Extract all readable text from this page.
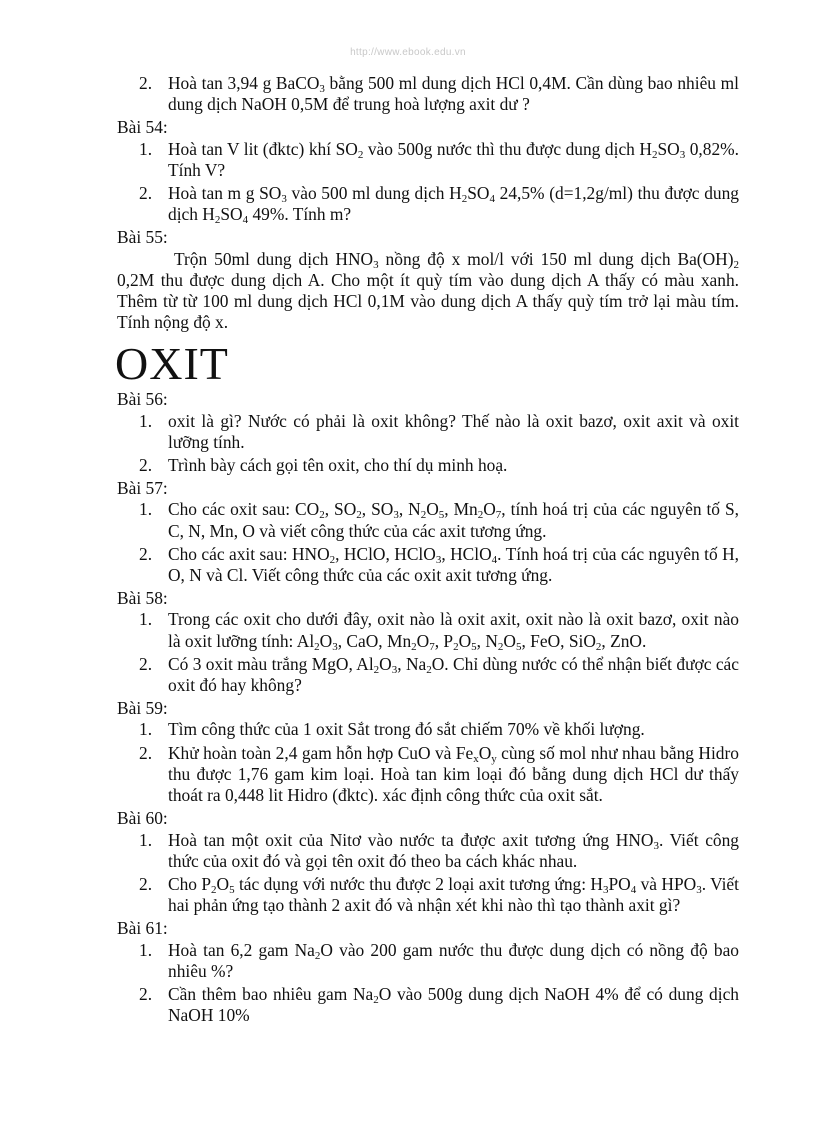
http://www.ebook.edu.vn
2. Hoà tan 3,94 g BaCO$_3$ bằng 500 ml dung dịch HCl 0,4M. Cần dùng bao nhiêu ml dung dịch NaOH 0,5M để trung hoà lượng axit dư ?
Bài 54:
1. Hoà tan V lit (đktc) khí $SO_2$ vào 500g nước thì thu được dung dịch $H_2SO_3$ 0,82%. Tính V?
2. Hoà tan m g $SO_3$ vào 500 ml dung dịch $H_2SO_4$ 24,5% (d=1,2g/ml) thu được dung dịch $H_2SO_4$ 49%. Tính m?
Bài 55:

Trộn 50ml dung dịch $HNO_3$ nồng độ x mol/l với 150 ml dung dịch $Ba(OH)_2$ 0,2M thu được dung dịch A. Cho một ít quỳ tím vào dung dịch A thấy có màu xanh. Thêm từ từ 100 ml dung dịch HCl 0,1M vào dung dịch A thấy quỳ tím trở lại màu tím. Tính nộng độ x.

OXIT
Bài 56:
1. oxit là gì? Nước có phải là oxit không? Thế nào là oxit bazơ, oxit axit và oxit lưỡng tính.
2. Trình bày cách gọi tên oxit, cho thí dụ minh hoạ.
Bài 57:
1. Cho các oxit sau: $CO_2$, $SO_2$, $SO_3$, $N_2O_5$, $Mn_2O_7$, tính hoá trị của các nguyên tố S, C, N, Mn, O và viết công thức của các axit tương ứng.
2. Cho các axit sau: $HNO_2$, HClO, HClO$_3$, HClO$_4$. Tính hoá trị của các nguyên tố H, O, N và Cl. Viết công thức của các oxit axit tương ứng.
Bài 58:
1. Trong các oxit cho dưới đây, oxit nào là oxit axit, oxit nào là oxit bazơ, oxit nào là oxit lưỡng tính: $Al_2O_3$, CaO, $Mn_2O_7$, $P_2O_5$, $N_2O_5$, FeO, SiO$_2$, ZnO.
2. Có 3 oxit màu trắng MgO, $Al_2O_3$, $Na_2O$. Chỉ dùng nước có thể nhận biết được các oxit đó hay không?
Bài 59:
1. Tìm công thức của 1 oxit Sắt trong đó sắt chiếm 70% về khối lượng.
2. Khử hoàn toàn 2,4 gam hỗn hợp CuO và $Fe_xO_y$ cùng số mol như nhau bằng Hidro thu được 1,76 gam kim loại. Hoà tan kim loại đó bằng dung dịch HCl dư thấy thoát ra 0,448 lit Hidro (đktc). xác định công thức của oxit sắt.
Bài 60:
1. Hoà tan một oxit của Nitơ vào nước ta được axit tương ứng $HNO_3$. Viết công thức của oxit đó và gọi tên oxit đó theo ba cách khác nhau.
2. Cho $P_2O_5$ tác dụng với nước thu được 2 loại axit tương ứng: $H_3PO_4$ và $HPO_3$. Viết hai phản ứng tạo thành 2 axit đó và nhận xét khi nào thì tạo thành axit gì?
Bài 61:
1. Hoà tan 6,2 gam $Na_2O$ vào 200 gam nước thu được dung dịch có nồng độ bao nhiêu %?
2. Cần thêm bao nhiêu gam $Na_2O$ vào 500g dung dịch NaOH 4% để có dung dịch NaOH 10%
